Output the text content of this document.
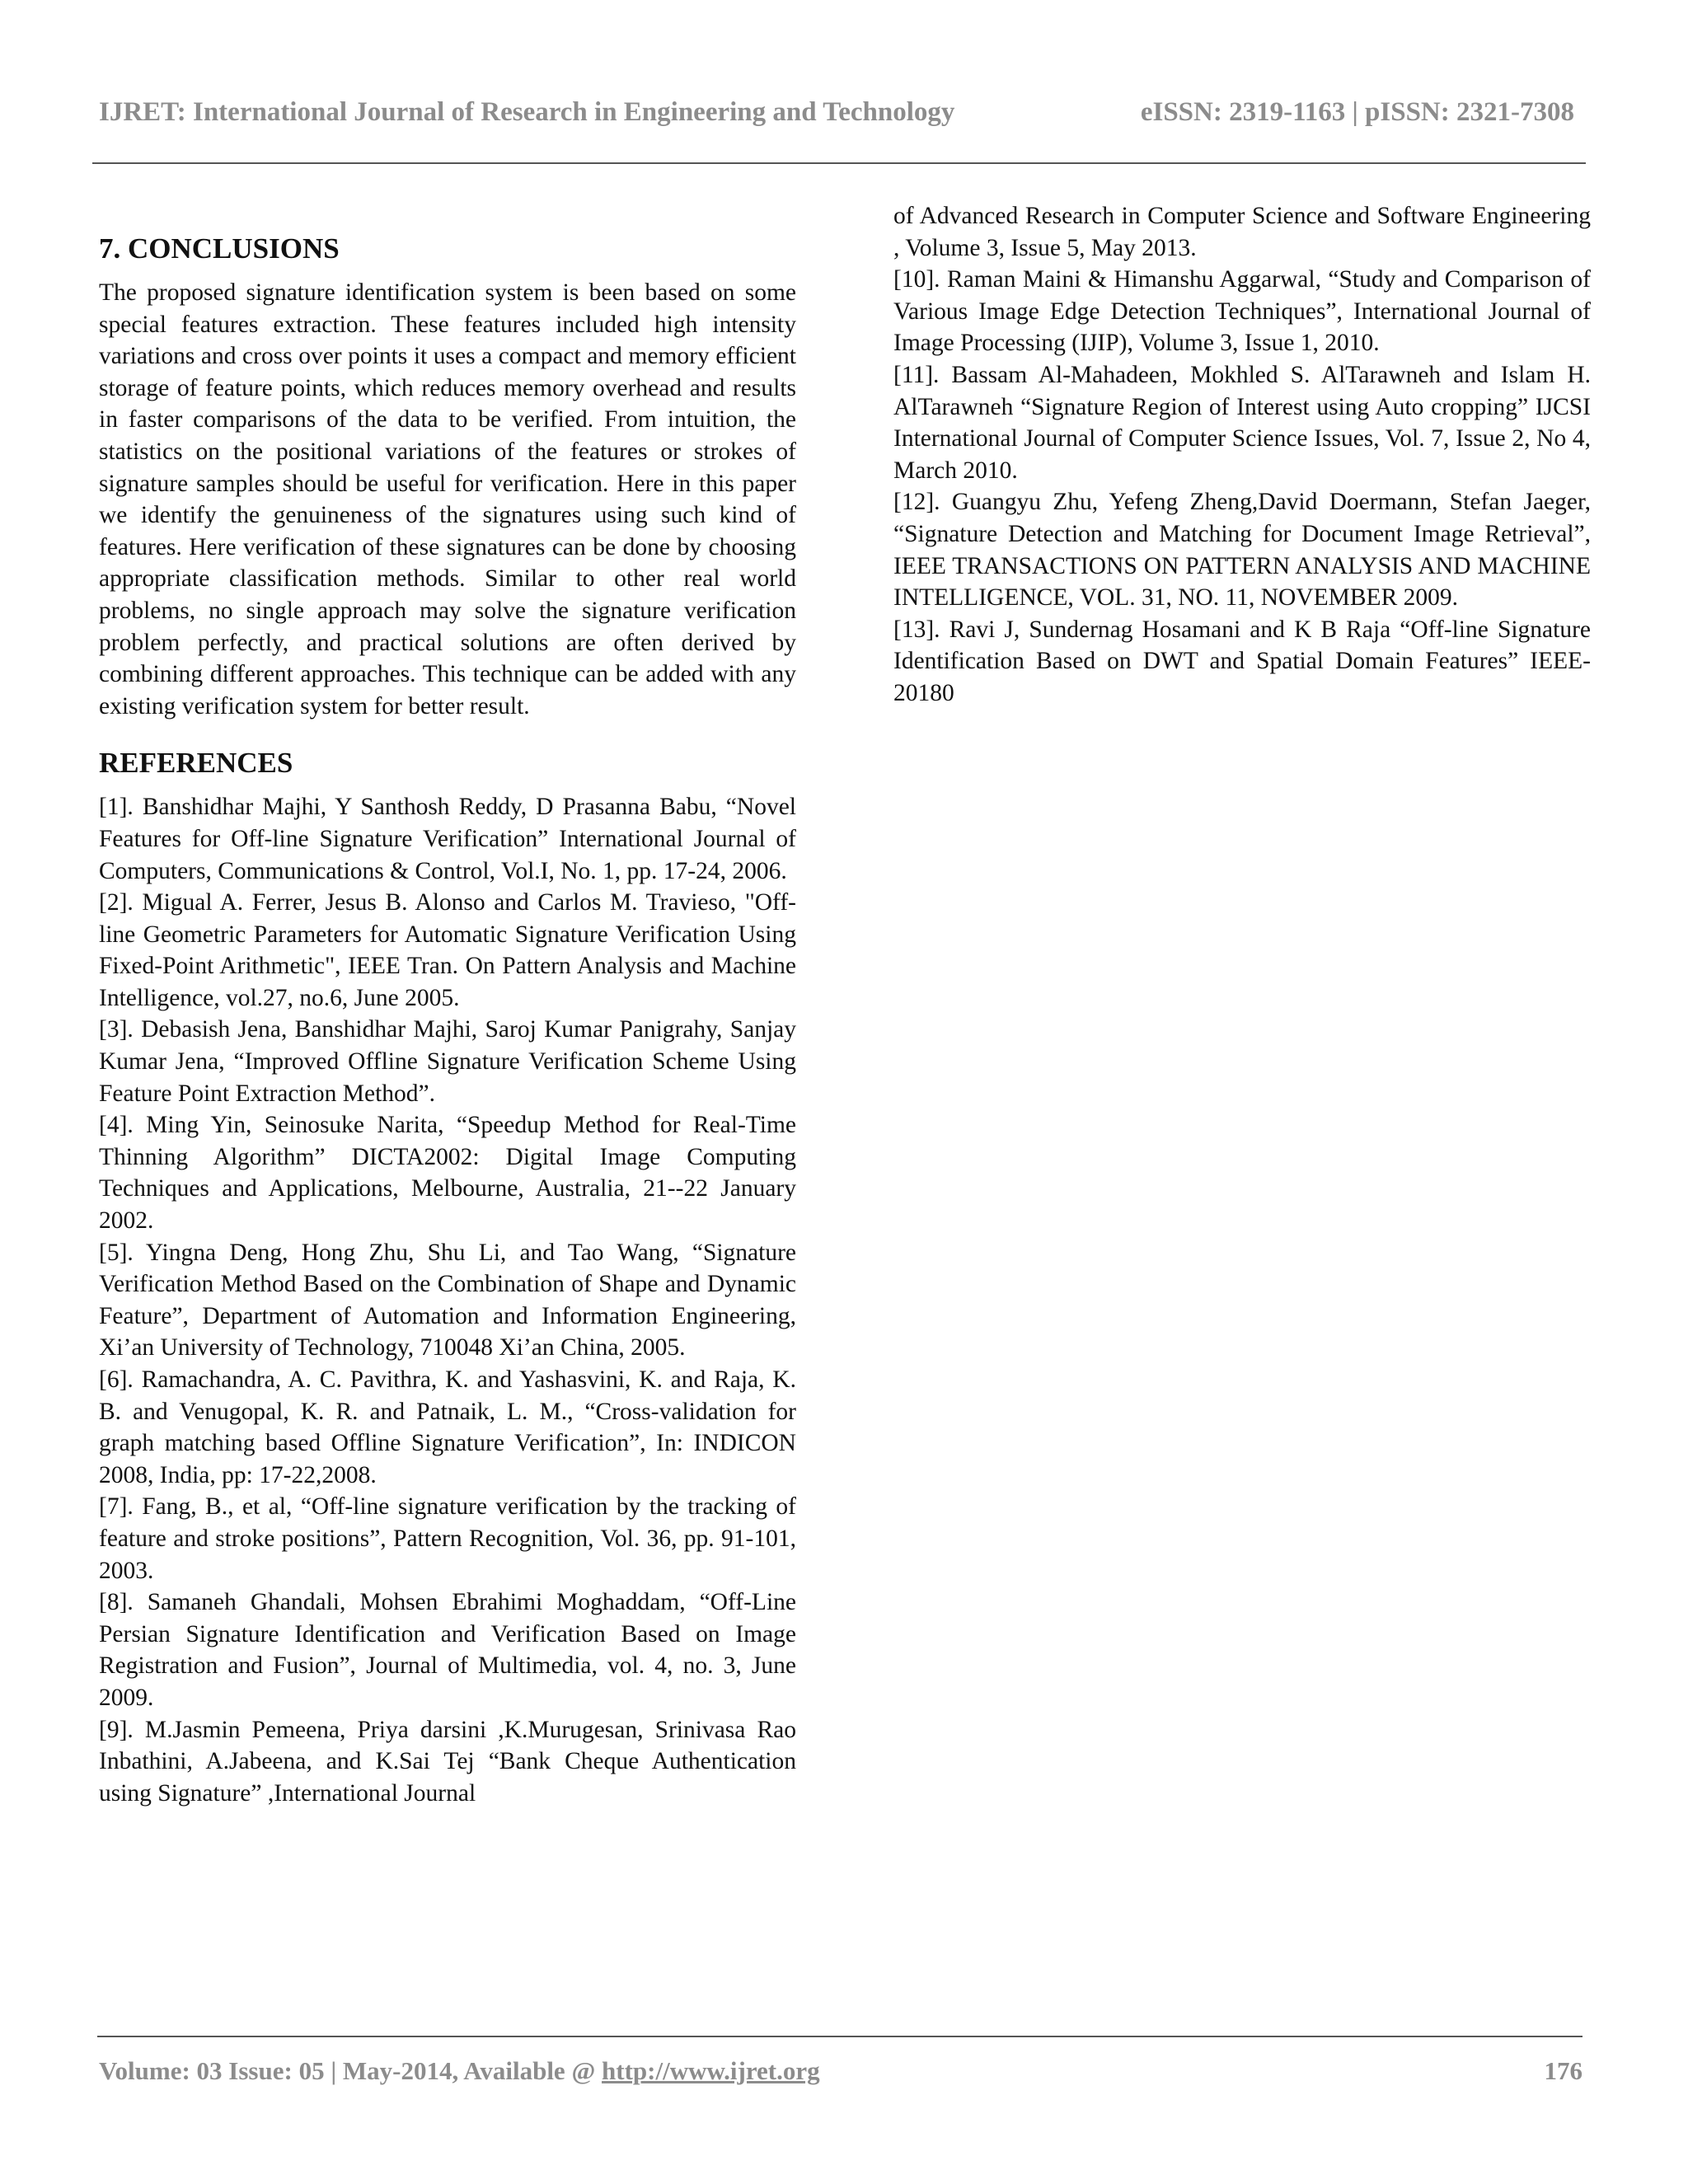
IJRET: International Journal of Research in Engineering and Technology	eISSN: 2319-1163 | pISSN: 2321-7308
7. CONCLUSIONS

The proposed signature identification system is been based on some special features extraction. These features included high intensity variations and cross over points it uses a compact and memory efficient storage of feature points, which reduces memory overhead and results in faster comparisons of the data to be verified. From intuition, the statistics on the positional variations of the features or strokes of signature samples should be useful for verification. Here in this paper we identify the genuineness of the signatures using such kind of features. Here verification of these signatures can be done by choosing appropriate classification methods. Similar to other real world problems, no single approach may solve the signature verification problem perfectly, and practical solutions are often derived by combining different approaches. This technique can be added with any existing verification system for better result.

REFERENCES

[1]. Banshidhar Majhi, Y Santhosh Reddy, D Prasanna Babu, “Novel Features for Off-line Signature Verification” International Journal of Computers, Communications & Control, Vol.I, No. 1, pp. 17-24, 2006.

[2]. Migual A. Ferrer, Jesus B. Alonso and Carlos M. Travieso, "Off-line Geometric Parameters for Automatic Signature Verification Using Fixed-Point Arithmetic", IEEE Tran. On Pattern Analysis and Machine Intelligence, vol.27, no.6, June 2005.

[3]. Debasish Jena, Banshidhar Majhi, Saroj Kumar Panigrahy, Sanjay Kumar Jena, “Improved Offline Signature Verification Scheme Using Feature Point Extraction Method”.

[4]. Ming Yin, Seinosuke Narita, “Speedup Method for Real-Time Thinning Algorithm” DICTA2002: Digital Image Computing Techniques and Applications, Melbourne, Australia, 21--22 January 2002.

[5]. Yingna Deng, Hong Zhu, Shu Li, and Tao Wang, “Signature Verification Method Based on the Combination of Shape and Dynamic Feature”, Department of Automation and Information Engineering, Xi’an University of Technology, 710048 Xi’an China, 2005.

[6]. Ramachandra, A. C. Pavithra, K. and Yashasvini, K. and Raja, K. B. and Venugopal, K. R. and Patnaik, L. M., “Cross-validation for graph matching based Offline Signature Verification”, In: INDICON 2008, India, pp: 17-22,2008.

[7]. Fang, B., et al, “Off-line signature verification by the tracking of feature and stroke positions”, Pattern Recognition, Vol. 36, pp. 91-101, 2003.

[8]. Samaneh Ghandali, Mohsen Ebrahimi Moghaddam, “Off-Line Persian Signature Identification and Verification Based on Image Registration and Fusion”, Journal of Multimedia, vol. 4, no. 3, June 2009.

[9]. M.Jasmin Pemeena, Priya darsini ,K.Murugesan, Srinivasa Rao Inbathini, A.Jabeena, and K.Sai Tej “Bank Cheque Authentication using Signature” ,International Journal

of Advanced Research in Computer Science and Software Engineering , Volume 3, Issue 5, May 2013.

[10]. Raman Maini & Himanshu Aggarwal, “Study and Comparison of Various Image Edge Detection Techniques”, International Journal of Image Processing (IJIP), Volume 3, Issue 1, 2010.

[11]. Bassam Al-Mahadeen, Mokhled S. AlTarawneh and Islam H. AlTarawneh “Signature Region of Interest using Auto cropping” IJCSI International Journal of Computer Science Issues, Vol. 7, Issue 2, No 4, March 2010.

[12]. Guangyu Zhu, Yefeng Zheng,David Doermann, Stefan Jaeger, “Signature Detection and Matching for Document Image Retrieval”, IEEE TRANSACTIONS ON PATTERN ANALYSIS AND MACHINE INTELLIGENCE, VOL. 31, NO. 11, NOVEMBER 2009.

[13]. Ravi J, Sundernag Hosamani and K B Raja “Off-line Signature Identification Based on DWT and Spatial Domain Features” IEEE-20180

Volume: 03 Issue: 05 | May-2014, Available @ http://www.ijret.org	176
